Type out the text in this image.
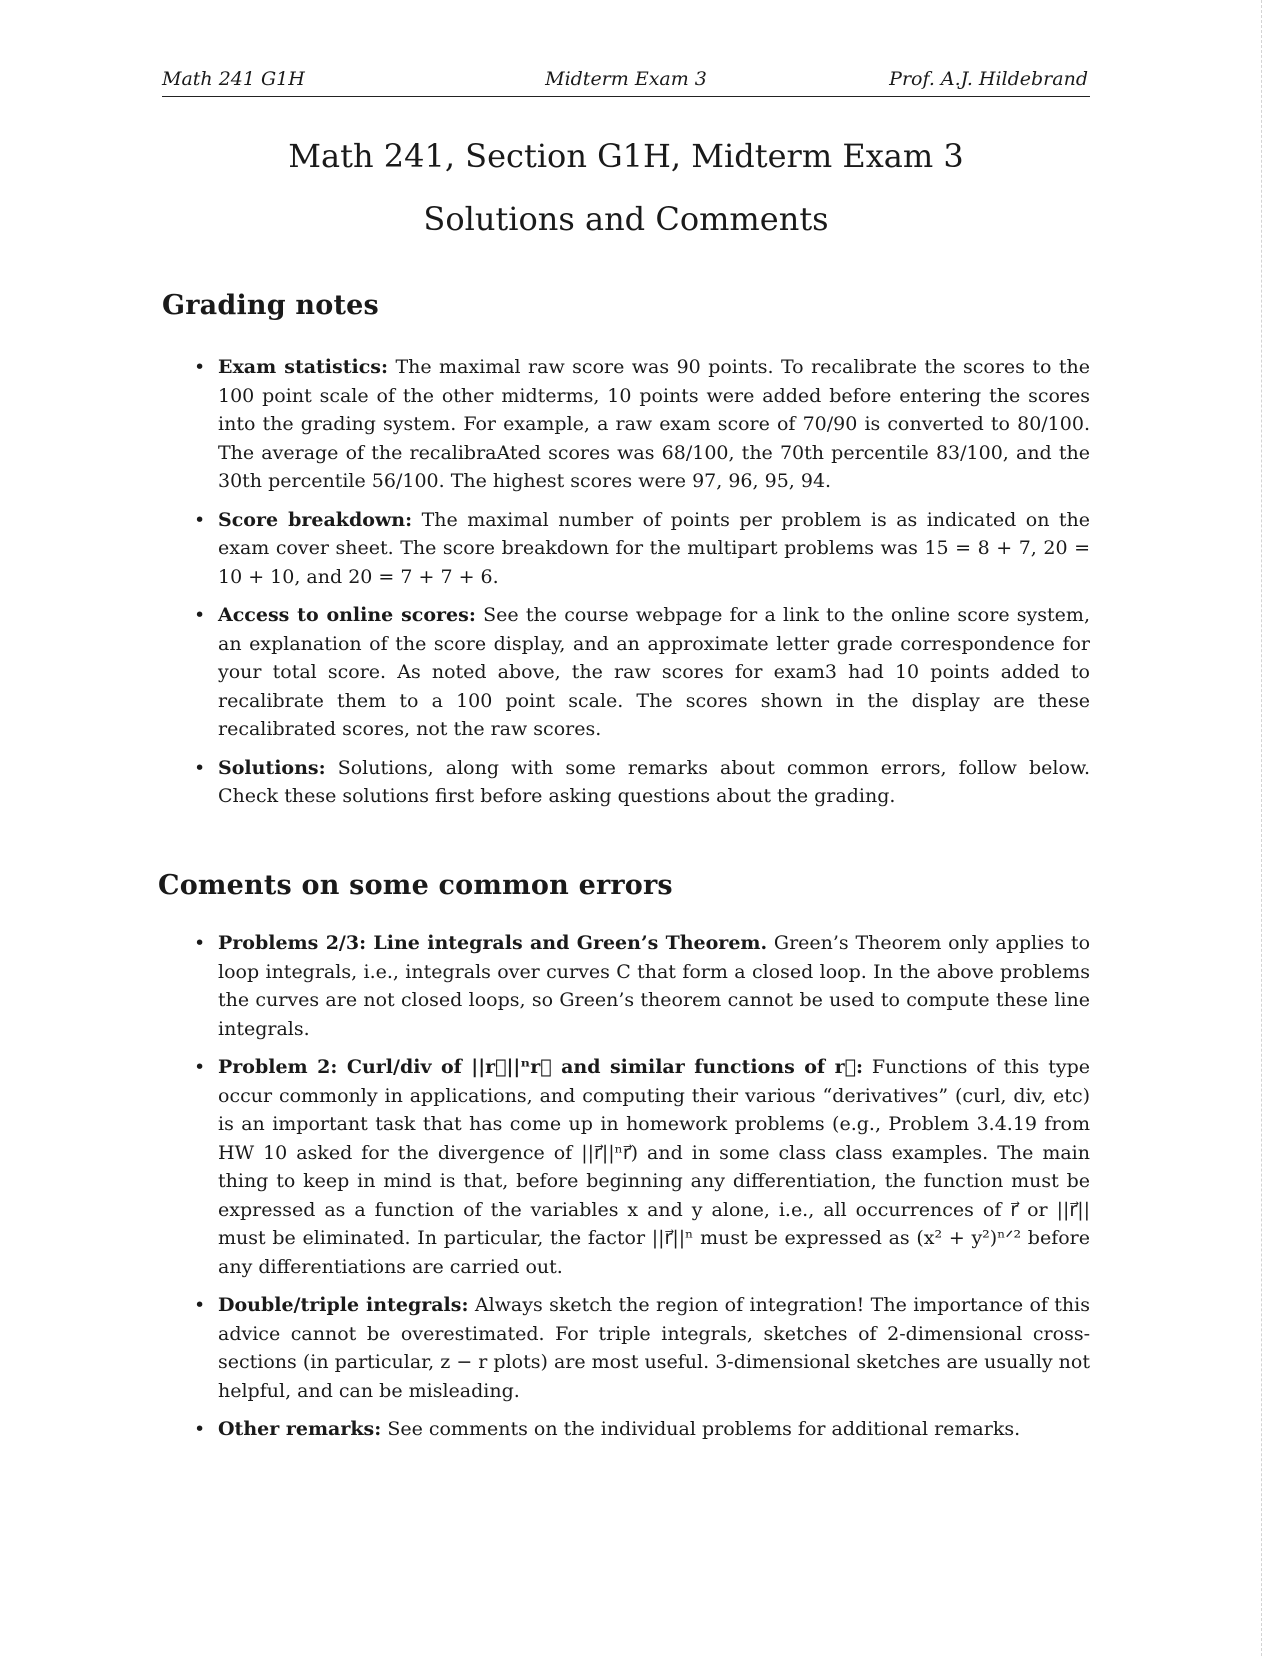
Math 241 G1H	Midterm Exam 3	Prof. A.J. Hildebrand
Math 241, Section G1H, Midterm Exam 3
Solutions and Comments
Grading notes
• Exam statistics: The maximal raw score was 90 points. To recalibrate the scores to the 100 point scale of the other midterms, 10 points were added before entering the scores into the grading system. For example, a raw exam score of 70/90 is converted to 80/100. The average of the recalibraAted scores was 68/100, the 70th percentile 83/100, and the 30th percentile 56/100. The highest scores were 97, 96, 95, 94.
• Score breakdown: The maximal number of points per problem is as indicated on the exam cover sheet. The score breakdown for the multipart problems was 15 = 8 + 7, 20 = 10 + 10, and 20 = 7 + 7 + 6.
• Access to online scores: See the course webpage for a link to the online score system, an explanation of the score display, and an approximate letter grade correspondence for your total score. As noted above, the raw scores for exam3 had 10 points added to recalibrate them to a 100 point scale. The scores shown in the display are these recalibrated scores, not the raw scores.
• Solutions: Solutions, along with some remarks about common errors, follow below. Check these solutions first before asking questions about the grading.
Coments on some common errors
• Problems 2/3: Line integrals and Green’s Theorem. Green’s Theorem only applies to loop integrals, i.e., integrals over curves C that form a closed loop. In the above problems the curves are not closed loops, so Green’s theorem cannot be used to compute these line integrals.
• Problem 2: Curl/div of ||r⃗||ⁿr⃗ and similar functions of r⃗: Functions of this type occur commonly in applications, and computing their various “derivatives” (curl, div, etc) is an important task that has come up in homework problems (e.g., Problem 3.4.19 from HW 10 asked for the divergence of ||r⃗||ⁿr⃗) and in some class class examples. The main thing to keep in mind is that, before beginning any differentiation, the function must be expressed as a function of the variables x and y alone, i.e., all occurrences of r⃗ or ||r⃗|| must be eliminated. In particular, the factor ||r⃗||ⁿ must be expressed as (x² + y²)ⁿᐟ² before any differentiations are carried out.
• Double/triple integrals: Always sketch the region of integration! The importance of this advice cannot be overestimated. For triple integrals, sketches of 2-dimensional cross-sections (in particular, z − r plots) are most useful. 3-dimensional sketches are usually not helpful, and can be misleading.
• Other remarks: See comments on the individual problems for additional remarks.
